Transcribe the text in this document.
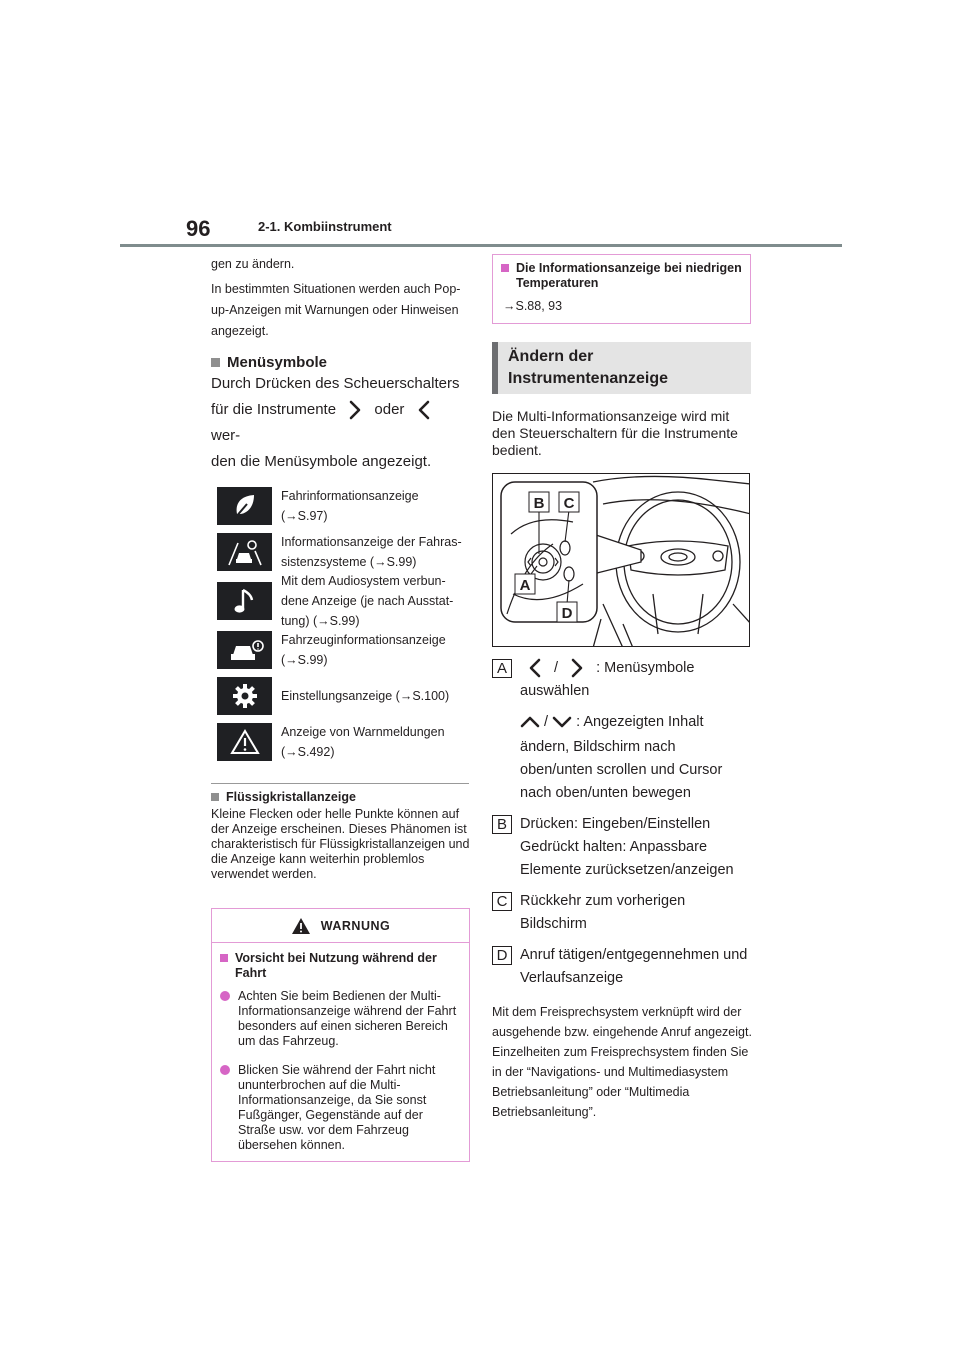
96	2-1. Kombiinstrument

gen zu ändern.

In bestimmten Situationen werden auch Pop-up-Anzeigen mit Warnungen oder Hinweisen angezeigt.

Menüsymbole

Durch Drücken des Scheuerschalters

für die Instrumente	oder
wer-

den die Menüsymbole angezeigt.

Fahrinformationsanzeige
(→S.97)
Informationsanzeige der Fahras-
sistenzsysteme (→S.99)
Mit dem Audiosystem verbun-
dene Anzeige (je nach Ausstat-
tung) (→S.99)
Fahrzeuginformationsanzeige
(→S.99)
Einstellungsanzeige (→S.100)
Anzeige von Warnmeldungen
(→S.492)
Flüssigkristallanzeige

Kleine Flecken oder helle Punkte können auf der Anzeige erscheinen. Dieses Phänomen ist charakteristisch für Flüssigkristallanzeigen und die Anzeige kann weiterhin problemlos verwendet werden.

WARNUNG
Vorsicht bei Nutzung während der Fahrt
Achten Sie beim Bedienen der Multi-Informationsanzeige während der Fahrt besonders auf einen sicheren Bereich um das Fahrzeug.
Blicken Sie während der Fahrt nicht ununterbrochen auf die Multi-Informationsanzeige, da Sie sonst Fußgänger, Gegenstände auf der Straße usw. vor dem Fahrzeug übersehen können.
Die Informationsanzeige bei niedrigen Temperaturen
→S.88, 93
Ändern der Instrumentenanzeige

Die Multi-Informationsanzeige wird mit den Steuerschaltern für die Instrumente bedient.

B C
A
D
A	/	: Menüsymbole auswählen
/ : Angezeigten Inhalt
ändern, Bildschirm nach oben/unten scrollen und Cursor nach oben/unten bewegen
B Drücken: Eingeben/Einstellen
Gedrückt halten: Anpassbare Elemente zurücksetzen/anzeigen
C Rückkehr zum vorherigen Bildschirm
D Anruf tätigen/entgegennehmen und Verlaufsanzeige

Mit dem Freisprechsystem verknüpft wird der ausgehende bzw. eingehende Anruf angezeigt. Einzelheiten zum Freisprechsystem finden Sie in der “Navigations- und Multimediasystem Betriebsanleitung” oder “Multimedia Betriebsanleitung”.
